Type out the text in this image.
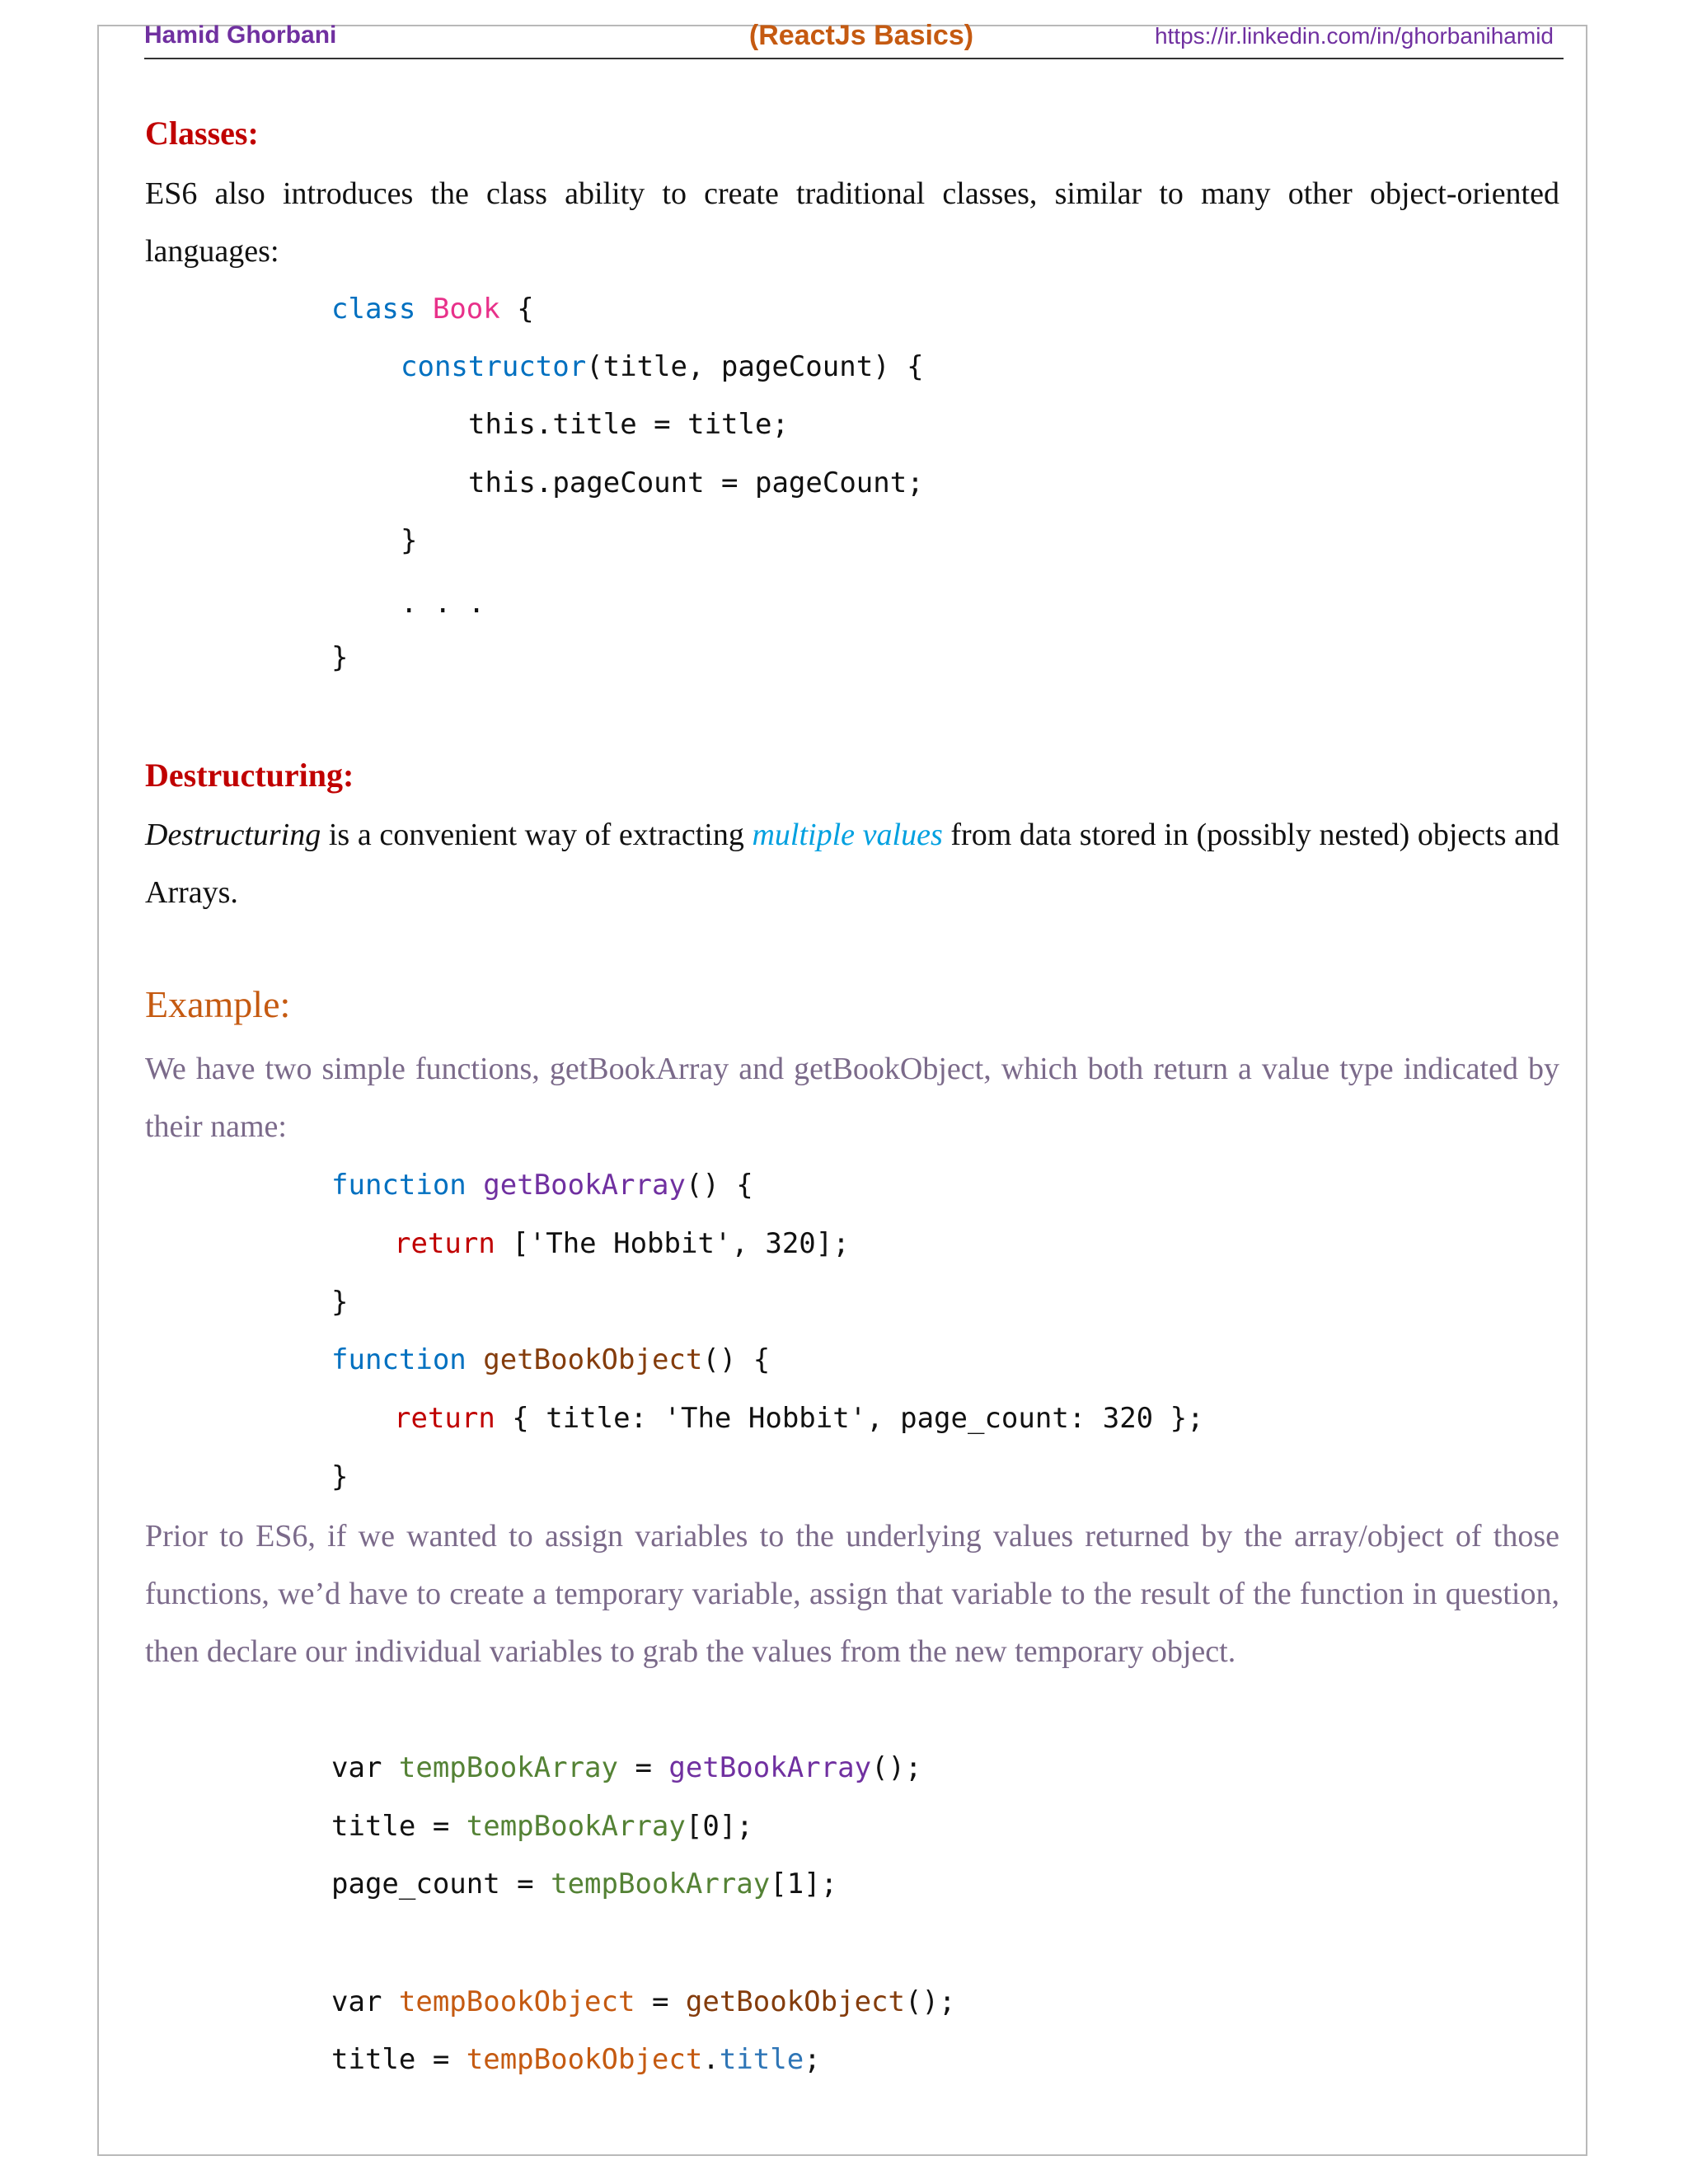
Hamid Ghorbani	(ReactJs Basics)	https://ir.linkedin.com/in/ghorbanihamid
Classes:
ES6 also introduces the class ability to create traditional classes, similar to many other object-oriented languages:
class Book {
constructor(title, pageCount) {
this.title = title;
this.pageCount = pageCount;
}
. . .
}
Destructuring:
Destructuring is a convenient way of extracting multiple values from data stored in (possibly nested) objects and Arrays.
Example:
We have two simple functions, getBookArray and getBookObject, which both return a value type indicated by their name:
function getBookArray() {
return ['The Hobbit', 320];
}
function getBookObject() {
return { title: 'The Hobbit', page_count: 320 };
}
Prior to ES6, if we wanted to assign variables to the underlying values returned by the array/object of those functions, we’d have to create a temporary variable, assign that variable to the result of the function in question, then declare our individual variables to grab the values from the new temporary object.
var tempBookArray = getBookArray();
title = tempBookArray[0];
page_count = tempBookArray[1];
var tempBookObject = getBookObject();
title = tempBookObject.title;
